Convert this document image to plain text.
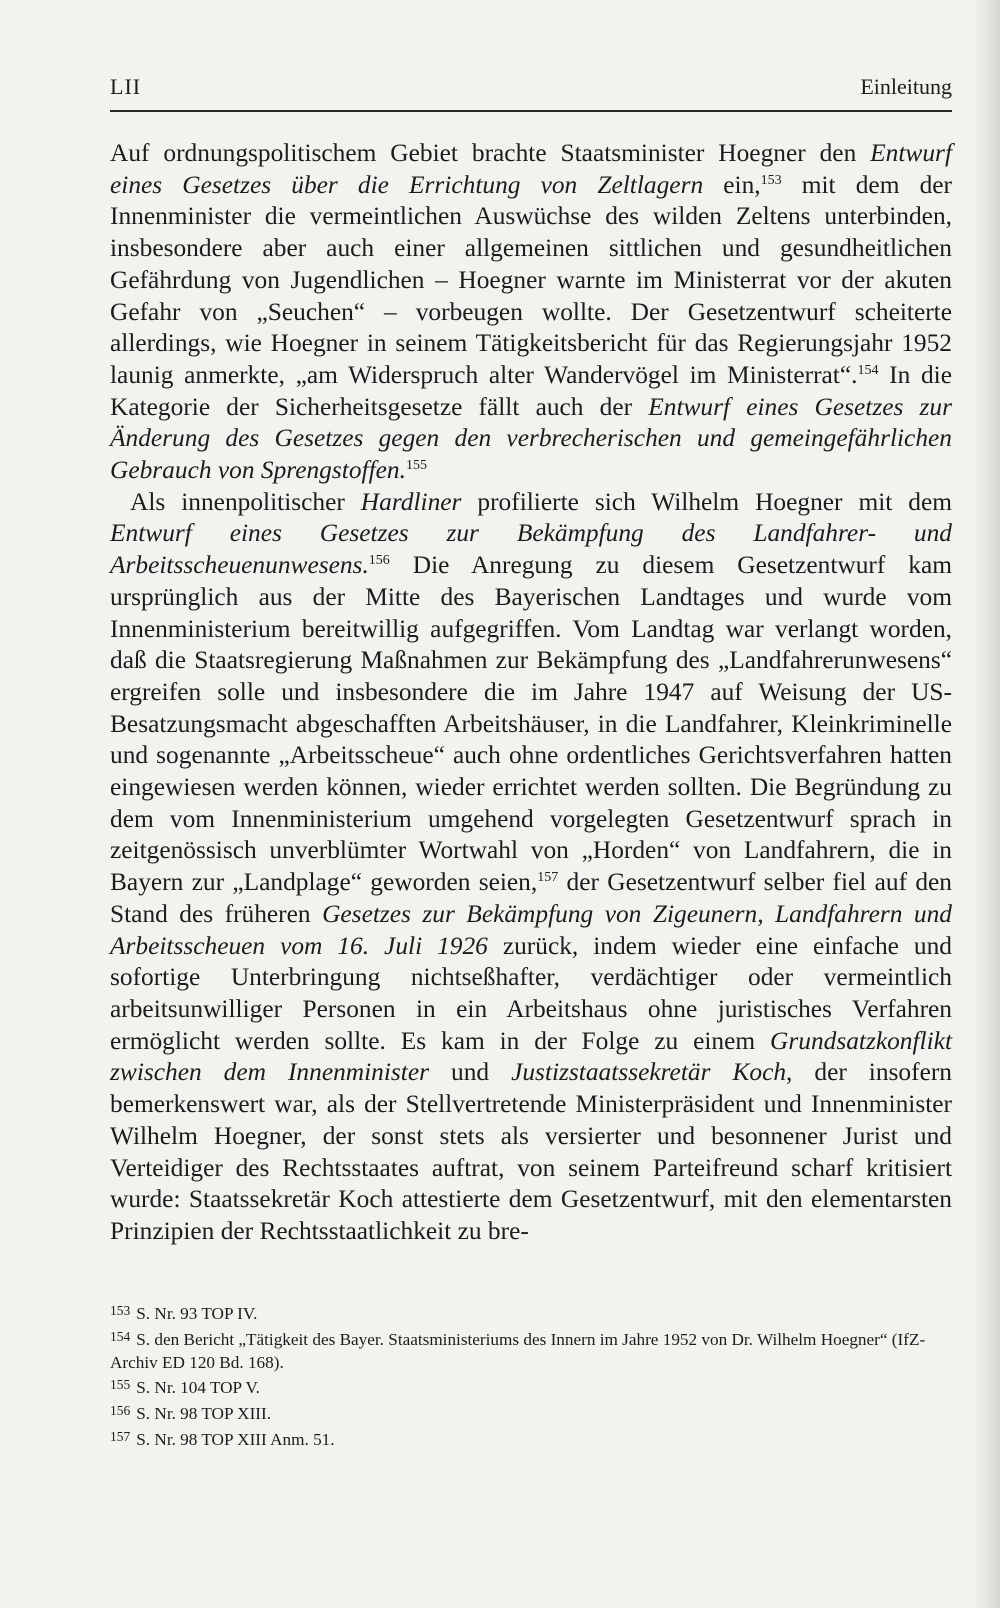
LII	Einleitung

Auf ordnungspolitischem Gebiet brachte Staatsminister Hoegner den Entwurf eines Gesetzes über die Errichtung von Zeltlagern ein,$^{153}$ mit dem der Innenminister die vermeintlichen Auswüchse des wilden Zeltens unterbinden, insbesondere aber auch einer allgemeinen sittlichen und gesundheitlichen Gefährdung von Jugendlichen – Hoegner warnte im Ministerrat vor der akuten Gefahr von „Seuchen“ – vorbeugen wollte. Der Gesetzentwurf scheiterte allerdings, wie Hoegner in seinem Tätigkeitsbericht für das Regierungsjahr 1952 launig anmerkte, „am Widerspruch alter Wandervögel im Ministerrat“.$^{154}$ In die Kategorie der Sicherheitsgesetze fällt auch der Entwurf eines Gesetzes zur Änderung des Gesetzes gegen den verbrecherischen und gemeingefährlichen Gebrauch von Sprengstoffen.$^{155}$

Als innenpolitischer Hardliner profilierte sich Wilhelm Hoegner mit dem Entwurf eines Gesetzes zur Bekämpfung des Landfahrer- und Arbeitsscheuenunwesens.$^{156}$ Die Anregung zu diesem Gesetzentwurf kam ursprünglich aus der Mitte des Bayerischen Landtages und wurde vom Innenministerium bereitwillig aufgegriffen. Vom Landtag war verlangt worden, daß die Staatsregierung Maßnahmen zur Bekämpfung des „Landfahrerunwesens“ ergreifen solle und insbesondere die im Jahre 1947 auf Weisung der US-Besatzungsmacht abgeschafften Arbeitshäuser, in die Landfahrer, Kleinkriminelle und sogenannte „Arbeitsscheue“ auch ohne ordentliches Gerichtsverfahren hatten eingewiesen werden können, wieder errichtet werden sollten. Die Begründung zu dem vom Innenministerium umgehend vorgelegten Gesetzentwurf sprach in zeitgenössisch unverblümter Wortwahl von „Horden“ von Landfahrern, die in Bayern zur „Landplage“ geworden seien,$^{157}$ der Gesetzentwurf selber fiel auf den Stand des früheren Gesetzes zur Bekämpfung von Zigeunern, Landfahrern und Arbeitsscheuen vom 16. Juli 1926 zurück, indem wieder eine einfache und sofortige Unterbringung nichtseßhafter, verdächtiger oder vermeintlich arbeitsunwilliger Personen in ein Arbeitshaus ohne juristisches Verfahren ermöglicht werden sollte. Es kam in der Folge zu einem Grundsatzkonflikt zwischen dem Innenminister und Justizstaatssekretär Koch, der insofern bemerkenswert war, als der Stellvertretende Ministerpräsident und Innenminister Wilhelm Hoegner, der sonst stets als versierter und besonnener Jurist und Verteidiger des Rechtsstaates auftrat, von seinem Parteifreund scharf kritisiert wurde: Staatssekretär Koch attestierte dem Gesetzentwurf, mit den elementarsten Prinzipien der Rechtsstaatlichkeit zu bre-

$^{153}$ S. Nr. 93 TOP IV.
$^{154}$ S. den Bericht „Tätigkeit des Bayer. Staatsministeriums des Innern im Jahre 1952 von Dr. Wilhelm Hoegner“ (IfZ-Archiv ED 120 Bd. 168).
$^{155}$ S. Nr. 104 TOP V.
$^{156}$ S. Nr. 98 TOP XIII.
$^{157}$ S. Nr. 98 TOP XIII Anm. 51.
